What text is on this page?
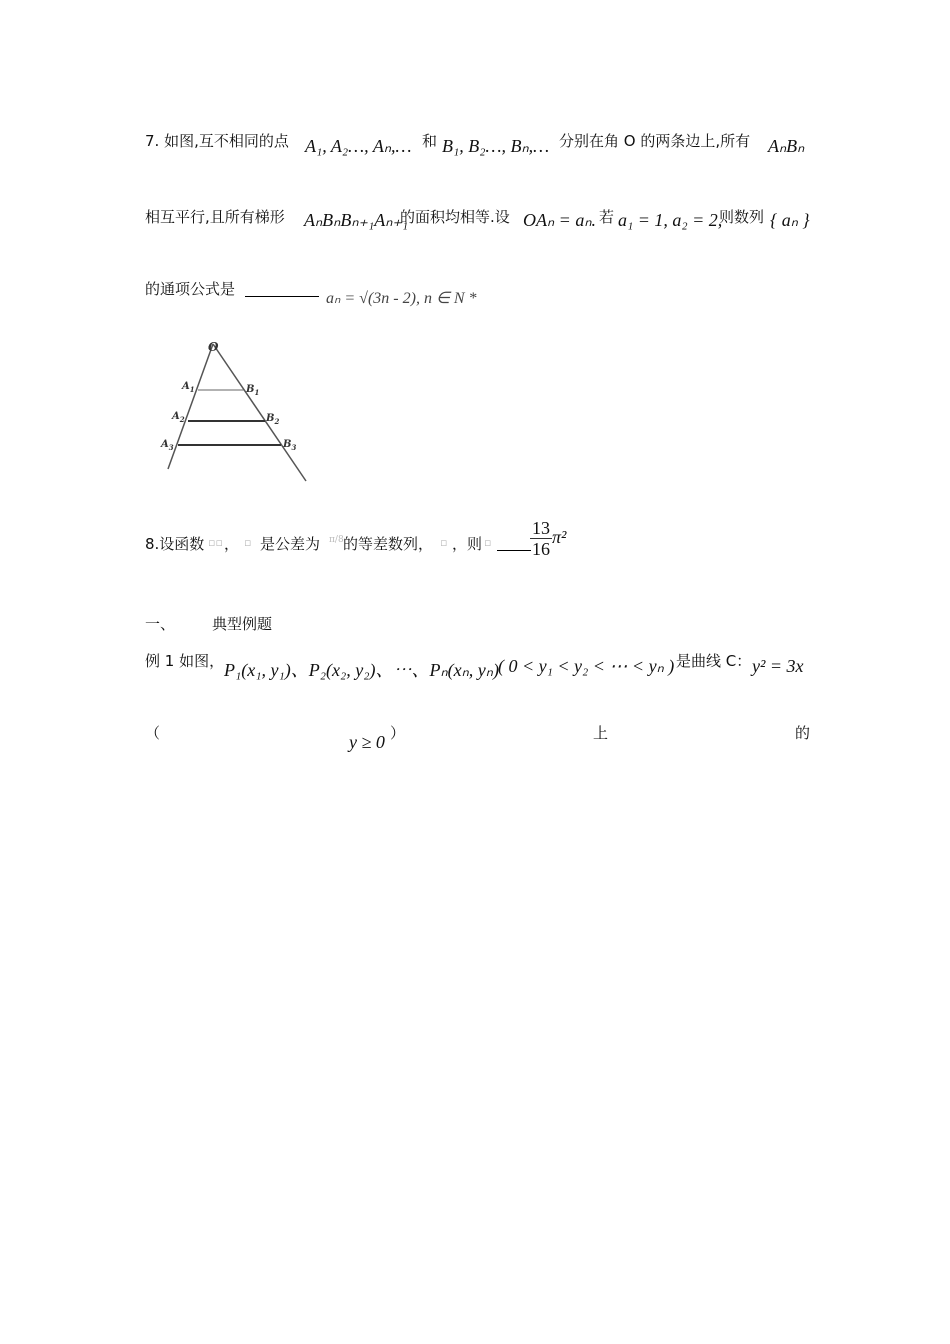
7. 如图,互不相同的点 A₁, A₂…, Aₙ,… 和 B₁, B₂…, Bₙ,… 分别在角 O 的两条边上,所有 AₙBₙ
相互平行,且所有梯形 AₙBₙBₙ₊₁Aₙ₊₁
的面积均相等.设 OAₙ = aₙ. 若 a₁ = 1, a₂ = 2,
则数列 { aₙ }
的通项公式是
aₙ = √(3n - 2), n ∈ N *
O
$A_1$	$B_1$
$A_2$	$B_2$
$A_3$	$B_3$
8.设函数 ▫▫ ， ▫ 是公差为 π/8 的等差数列， ▫ ，则 ▫ $\frac{13}{16} \pi^2$
一、 典型例题
例 1 如图， P₁(x₁, y₁)、P₂(x₂, y₂)、⋯、Pₙ(xₙ, yₙ) ( 0 < y₁ < y₂ < ⋯ < yₙ ) 是曲线 C： y² = 3x
（	y ≥ 0 ）	上	的
